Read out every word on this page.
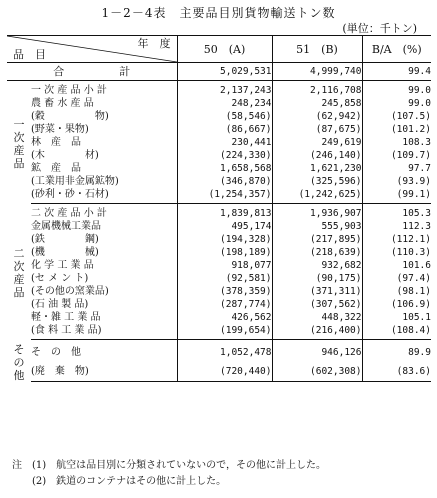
1－2－4表　主要品目別貨物輸送トン数
(単位：千トン)
年　度
品　目		50　(A)	51　(B)	B/A　(%)
合　　　　　計		5,029,531	4,999,740	99.4

一
次
産
品	一 次 産 品 小 計	2,137,243	2,116,708	99.0
	農 畜 水 産 品	248,234	245,858	99.0
	(穀　　　　　物)	(58,546)	(62,942)	(107.5)
	(野菜・果物)	(86,667)	(87,675)	(101.2)
	林　産　品	230,441	249,619	108.3
	(木　　　　材)	(224,330)	(246,140)	(109.7)
	鉱　産　品	1,658,568	1,621,230	97.7
	(工業用非金属鉱物)	(346,870)	(325,596)	(93.9)
	(砂利・砂・石材)	(1,254,357)	(1,242,625)	(99.1)

二
次
産
品	二 次 産 品 小 計	1,839,813	1,936,907	105.3
	金属機械工業品	495,174	555,903	112.3
	(鉄　　　　鋼)	(194,328)	(217,895)	(112.1)
	(機　　　　械)	(198,189)	(218,639)	(110.3)
	化 学 工 業 品	918,077	932,682	101.6
	(セ メ ン ト)	(92,581)	(90,175)	(97.4)
	(その他の窯業品)	(378,359)	(371,311)	(98.1)
	(石 油 製 品)	(287,774)	(307,562)	(106.9)
	軽・雑 工 業 品	426,562	448,322	105.1
	(食 料 工 業 品)	(199,654)	(216,400)	(108.4)

そ
の
他	そ　の　他	1,052,478	946,126	89.9
	(廃　棄　物)	(720,440)	(602,308)	(83.6)
注　(1)　航空は品目別に分類されていないので，その他に計上した。
　　(2)　鉄道のコンテナはその他に計上した。
